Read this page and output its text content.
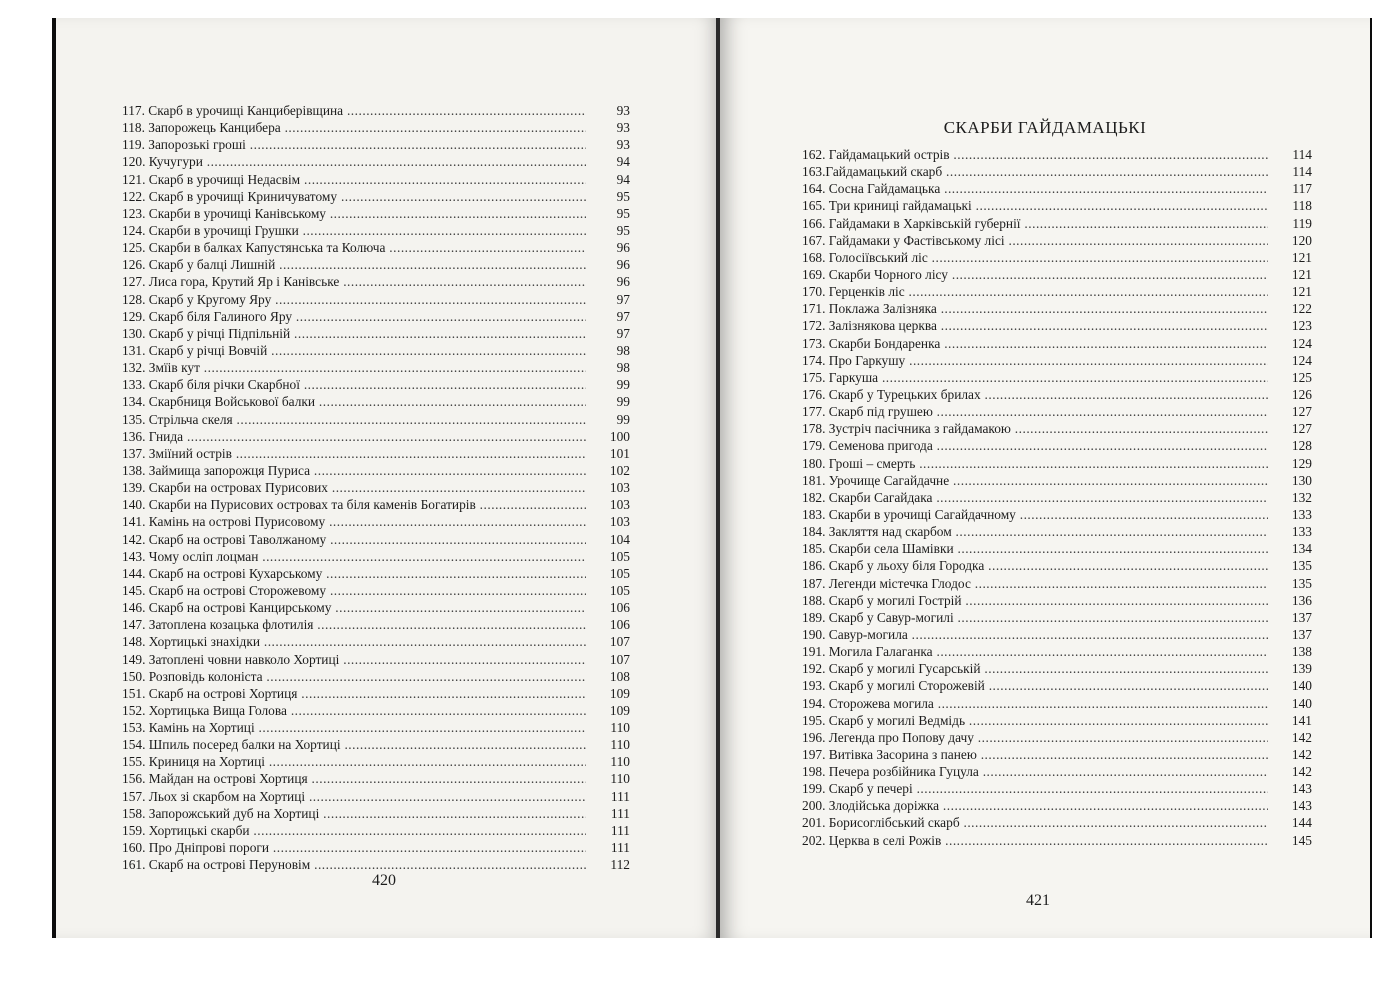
117. Скарб в урочищі Канциберівщина .....	93
118. Запорожець Канцибера .....	93
119. Запорозькі гроші .....	93
120. Кучугури .....	94
121. Скарб в урочищі Недасвім .....	94
122. Скарб в урочищі Криничуватому .....	95
123. Скарби в урочищі Канівському .....	95
124. Скарби в урочищі Грушки .....	95
125. Скарби в балках Капустянська та Колюча .....	96
126. Скарб у балці Лишній .....	96
127. Лиса гора, Крутий Яр і Канівське .....	96
128. Скарб у Кругому Яру .....	97
129. Скарб біля Галиного Яру .....	97
130. Скарб у річці Підпільній .....	97
131. Скарб у річці Вовчій .....	98
132. Змїів кут .....	98
133. Скарб біля річки Скарбної .....	99
134. Скарбниця Войськової балки .....	99
135. Стрільча скеля .....	99
136. Гнида .....	100
137. Зміїний острів .....	101
138. Займища запорожця Пуриса .....	102
139. Скарби на островах Пурисових .....	103
140. Скарби на Пурисових островах та біля каменів Богатирів .....	103
141. Камінь на острові Пурисовому .....	103
142. Скарб на острові Таволжаному .....	104
143. Чому осліп лоцман .....	105
144. Скарб на острові Кухарському .....	105
145. Скарб на острові Сторожевому .....	105
146. Скарб на острові Канцирському .....	106
147. Затоплена козацька флотилія .....	106
148. Хортицькі знахідки .....	107
149. Затоплені човни навколо Хортиці .....	107
150. Розповідь колоніста .....	108
151. Скарб на острові Хортиця .....	109
152. Хортицька Вища Голова .....	109
153. Камінь на Хортиці .....	110
154. Шпиль посеред балки на Хортиці .....	110
155. Криниця на Хортиці .....	110
156. Майдан на острові Хортиця .....	110
157. Льох зі скарбом на Хортиці .....	111
158. Запорожський дуб на Хортиці .....	111
159. Хортицькі скарби .....	111
160. Про Дніпрові пороги .....	111
161. Скарб на острові Перуновім .....	112

420

СКАРБИ ГАЙДАМАЦЬКІ
162. Гайдамацький острів .....	114
163.Гайдамацький скарб .....	114
164. Сосна Гайдамацька .....	117
165. Три криниці гайдамацькі .....	118
166. Гайдамаки в Харківській губернії .....	119
167. Гайдамаки у Фастівському лісі .....	120
168. Голосіївський ліс .....	121
169. Скарби Чорного лісу .....	121
170. Герценків ліс .....	121
171. Поклажа Залізняка .....	122
172. Залізнякова церква .....	123
173. Скарби Бондаренка .....	124
174. Про Гаркушу .....	124
175. Гаркуша .....	125
176. Скарб у Турецьких брилах .....	126
177. Скарб під грушею .....	127
178. Зустріч пасічника з гайдамакою .....	127
179. Семенова пригода .....	128
180. Гроші – смерть .....	129
181. Урочище Сагайдачне .....	130
182. Скарби Сагайдака .....	132
183. Скарби в урочищі Сагайдачному .....	133
184. Закляття над скарбом .....	133
185. Скарби села Шамівки .....	134
186. Скарб у льоху біля Городка .....	135
187. Легенди містечка Глодос .....	135
188. Скарб у могилі Гострій .....	136
189. Скарб у Савур-могилі .....	137
190. Савур-могила .....	137
191. Могила Галаганка .....	138
192. Скарб у могилі Гусарській .....	139
193. Скарб у могилі Сторожевій .....	140
194. Сторожева могила .....	140
195. Скарб у могилі Ведмідь .....	141
196. Легенда про Попову дачу .....	142
197. Витівка Засорина з панею .....	142
198. Печера розбійника Гуцула .....	142
199. Скарб у печері .....	143
200. Злодійська доріжка .....	143
201. Борисоглібський скарб .....	144
202. Церква в селі Рожів .....	145

421
